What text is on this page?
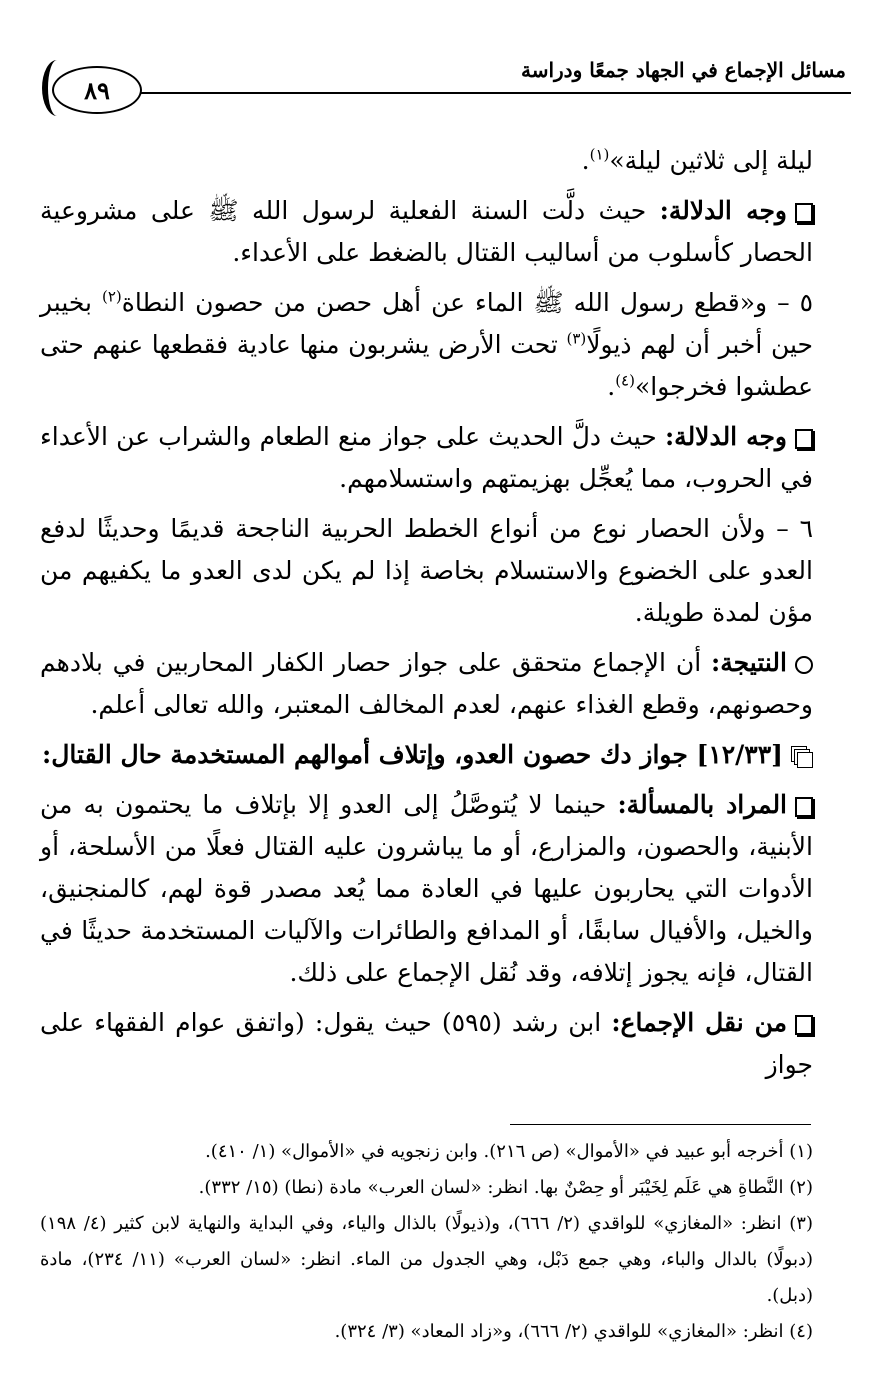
٨٩
مسائل الإجماع في الجهاد جمعًا ودراسة

ليلة إلى ثلاثين ليلة»$^{(١)}$.

وجه الدلالة: حيث دلَّت السنة الفعلية لرسول الله ﷺ على مشروعية الحصار كأسلوب من أساليب القتال بالضغط على الأعداء.

٥ – و«قطع رسول الله ﷺ الماء عن أهل حصن من حصون النطاة$^{(٢)}$ بخيبر حين أخبر أن لهم ذيولًا$^{(٣)}$ تحت الأرض يشربون منها عادية فقطعها عنهم حتى عطشوا فخرجوا»$^{(٤)}$.

وجه الدلالة: حيث دلَّ الحديث على جواز منع الطعام والشراب عن الأعداء في الحروب، مما يُعجِّل بهزيمتهم واستسلامهم.

٦ – ولأن الحصار نوع من أنواع الخطط الحربية الناجحة قديمًا وحديثًا لدفع العدو على الخضوع والاستسلام بخاصة إذا لم يكن لدى العدو ما يكفيهم من مؤن لمدة طويلة.

النتيجة: أن الإجماع متحقق على جواز حصار الكفار المحاربين في بلادهم وحصونهم، وقطع الغذاء عنهم، لعدم المخالف المعتبر، والله تعالى أعلم.

[١٢/٣٣] جواز دك حصون العدو، وإتلاف أموالهم المستخدمة حال القتال:

المراد بالمسألة: حينما لا يُتوصَّلُ إلى العدو إلا بإتلاف ما يحتمون به من الأبنية، والحصون، والمزارع، أو ما يباشرون عليه القتال فعلًا من الأسلحة، أو الأدوات التي يحاربون عليها في العادة مما يُعد مصدر قوة لهم، كالمنجنيق، والخيل، والأفيال سابقًا، أو المدافع والطائرات والآليات المستخدمة حديثًا في القتال، فإنه يجوز إتلافه، وقد نُقل الإجماع على ذلك.

من نقل الإجماع: ابن رشد (٥٩٥) حيث يقول: (واتفق عوام الفقهاء على جواز

(١) أخرجه أبو عبيد في «الأموال» (ص ٢١٦). وابن زنجويه في «الأموال» (١/ ٤١٠).

(٢) النَّطاةِ هي عَلَم لِخَيْبَر أو حِصْنٌ بها. انظر: «لسان العرب» مادة (نطا) (١٥/ ٣٣٢).

(٣) انظر: «المغازي» للواقدي (٢/ ٦٦٦)، و(ذيولًا) بالذال والياء، وفي البداية والنهاية لابن كثير (٤/ ١٩٨) (دبولًا) بالدال والباء، وهي جمع دَبْل، وهي الجدول من الماء. انظر: «لسان العرب» (١١/ ٢٣٤)، مادة (دبل).

(٤) انظر: «المغازي» للواقدي (٢/ ٦٦٦)، و«زاد المعاد» (٣/ ٣٢٤).
